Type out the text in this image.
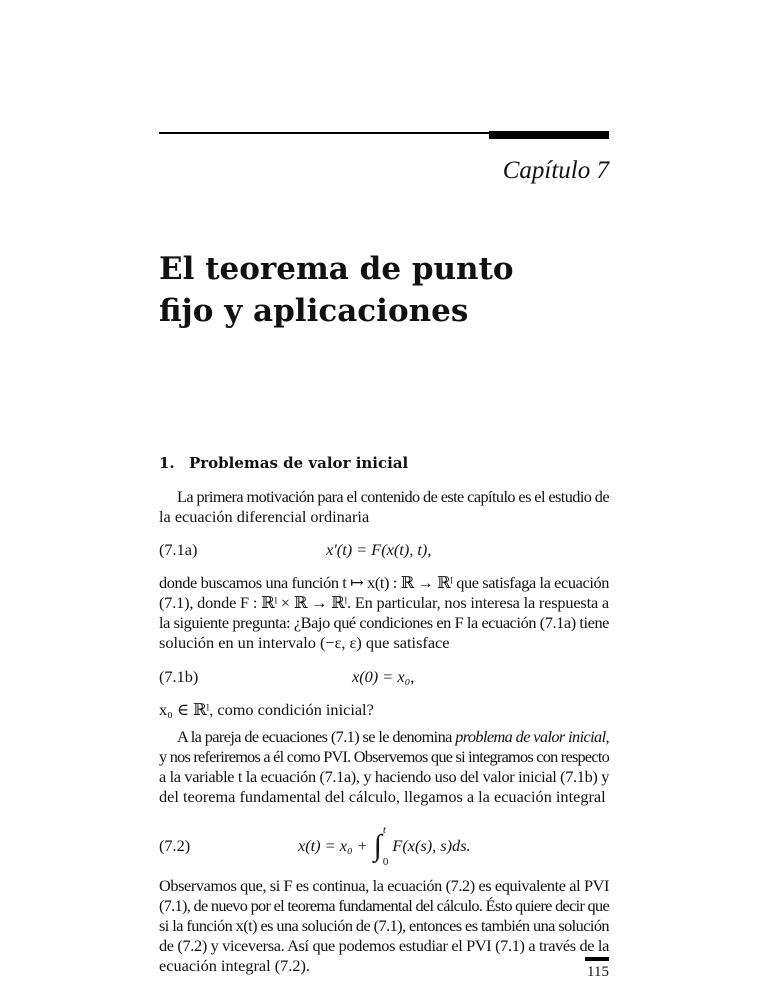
Capítulo 7
El teorema de punto
fijo y aplicaciones
1. Problemas de valor inicial
La primera motivación para el contenido de este capítulo es el estudio de
la ecuación diferencial ordinaria
(7.1a)	x′(t) = F(x(t), t),
donde buscamos una función t ↦ x(t) : ℝ → ℝˡ que satisfaga la ecuación
(7.1), donde F : ℝˡ × ℝ → ℝˡ. En particular, nos interesa la respuesta a
la siguiente pregunta: ¿Bajo qué condiciones en F la ecuación (7.1a) tiene
solución en un intervalo (−ε, ε) que satisface
(7.1b)	x(0) = x₀,
x₀ ∈ ℝˡ, como condición inicial?
A la pareja de ecuaciones (7.1) se le denomina problema de valor inicial,
y nos referiremos a él como PVI. Observemos que si integramos con respecto
a la variable t la ecuación (7.1a), y haciendo uso del valor inicial (7.1b) y
del teorema fundamental del cálculo, llegamos a la ecuación integral
(7.2)	x(t) = x₀ + ∫ t
0
F(x(s), s)ds.
Observamos que, si F es continua, la ecuación (7.2) es equivalente al PVI
(7.1), de nuevo por el teorema fundamental del cálculo. Ésto quiere decir que
si la función x(t) es una solución de (7.1), entonces es también una solución
de (7.2) y viceversa. Así que podemos estudiar el PVI (7.1) a través de la
ecuación integral (7.2).	115
